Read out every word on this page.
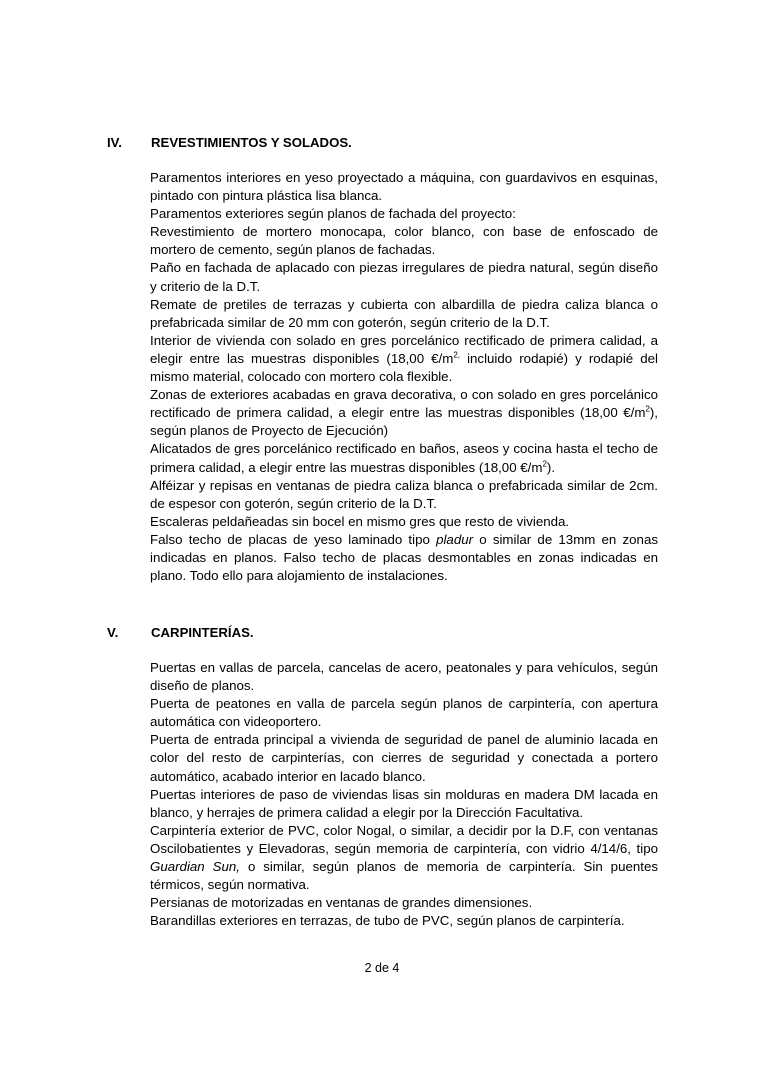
IV. REVESTIMIENTOS Y SOLADOS.

Paramentos interiores en yeso proyectado a máquina, con guardavivos en esquinas, pintado con pintura plástica lisa blanca.

Paramentos exteriores según planos de fachada del proyecto:

Revestimiento de mortero monocapa, color blanco, con base de enfoscado de mortero de cemento, según planos de fachadas.

Paño en fachada de aplacado con piezas irregulares de piedra natural, según diseño y criterio de la D.T.

Remate de pretiles de terrazas y cubierta con albardilla de piedra caliza blanca o prefabricada similar de 20 mm con goterón, según criterio de la D.T.

Interior de vivienda con solado en gres porcelánico rectificado de primera calidad, a elegir entre las muestras disponibles (18,00 $€/m^{2,}$ incluido rodapié) y rodapié del mismo material, colocado con mortero cola flexible.

Zonas de exteriores acabadas en grava decorativa, o con solado en gres porcelánico rectificado de primera calidad, a elegir entre las muestras disponibles (18,00 $€/m^2$), según planos de Proyecto de Ejecución)

Alicatados de gres porcelánico rectificado en baños, aseos y cocina hasta el techo de primera calidad, a elegir entre las muestras disponibles (18,00 $€/m^2$).

Alféizar y repisas en ventanas de piedra caliza blanca o prefabricada similar de 2cm. de espesor con goterón, según criterio de la D.T.

Escaleras peldañeadas sin bocel en mismo gres que resto de vivienda.

Falso techo de placas de yeso laminado tipo pladur o similar de 13mm en zonas indicadas en planos. Falso techo de placas desmontables en zonas indicadas en plano. Todo ello para alojamiento de instalaciones.

V. CARPINTERÍAS.

Puertas en vallas de parcela, cancelas de acero, peatonales y para vehículos, según diseño de planos.

Puerta de peatones en valla de parcela según planos de carpintería, con apertura automática con videoportero.

Puerta de entrada principal a vivienda de seguridad de panel de aluminio lacada en color del resto de carpinterías, con cierres de seguridad y conectada a portero automático, acabado interior en lacado blanco.

Puertas interiores de paso de viviendas lisas sin molduras en madera DM lacada en blanco, y herrajes de primera calidad a elegir por la Dirección Facultativa.

Carpintería exterior de PVC, color Nogal, o similar, a decidir por la D.F, con ventanas Oscilobatientes y Elevadoras, según memoria de carpintería, con vidrio 4/14/6, tipo Guardian Sun, o similar, según planos de memoria de carpintería. Sin puentes térmicos, según normativa.

Persianas de motorizadas en ventanas de grandes dimensiones.

Barandillas exteriores en terrazas, de tubo de PVC, según planos de carpintería.

2 de 4
